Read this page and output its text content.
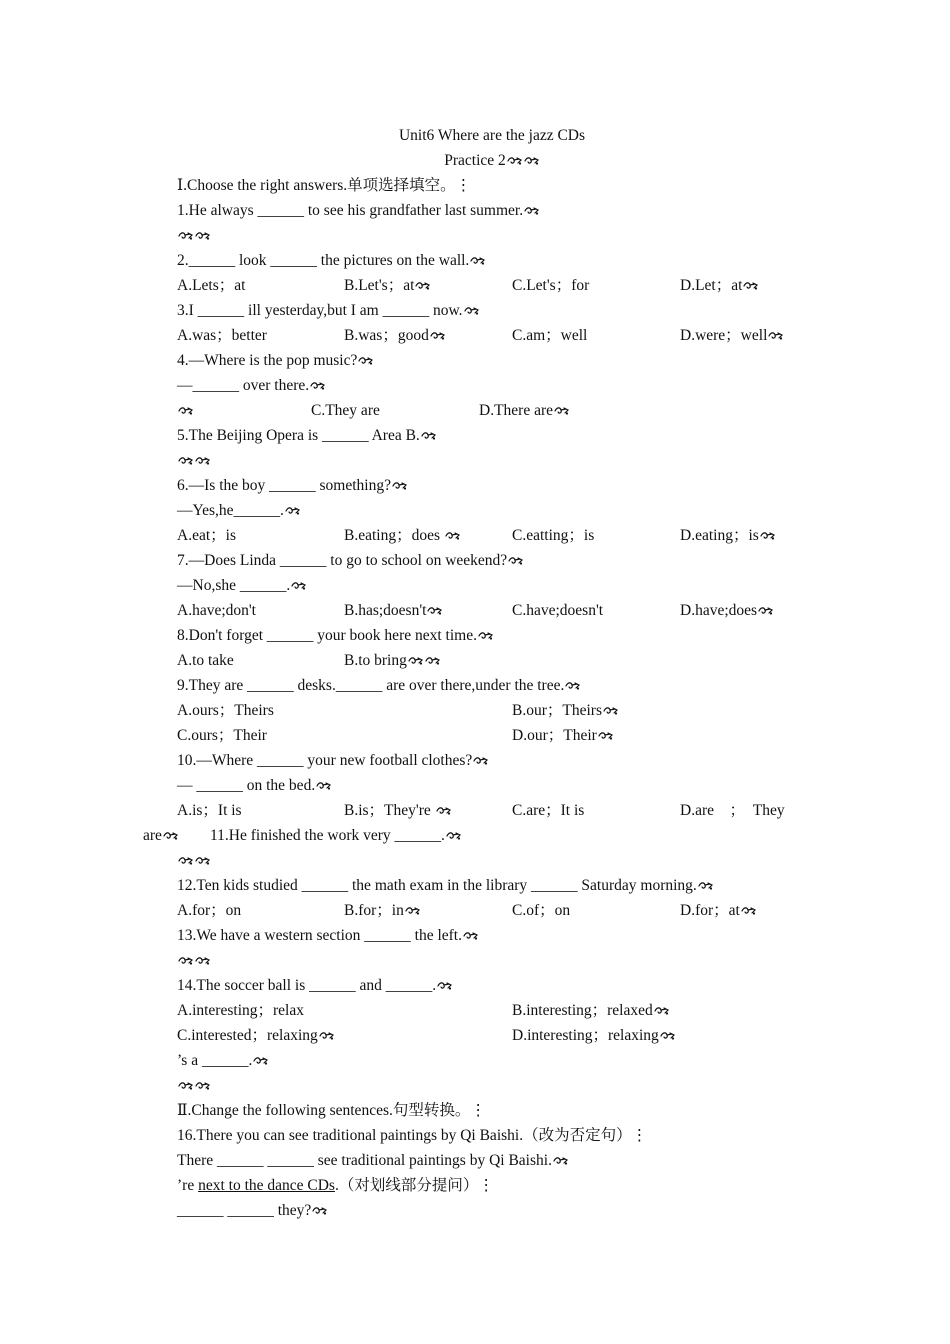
Unit6 Where are the jazz CDs
Practice 2
Ⅰ.Choose the right answers.单项选择填空。⋮
1.He always ______ to see his grandfather last summer.
2.______ look ______ the pictures on the wall.
A.Lets；at	B.Let's；at	C.Let's；for	D.Let；at
3.I ______ ill yesterday,but I am ______ now.
A.was；better	B.was；good	C.am；well	D.were；well
4.—Where is the pop music?
—______ over there.
C.They are	D.There are
5.The Beijing Opera is ______ Area B.
6.—Is the boy ______ something?
—Yes,he______.
A.eat；is	B.eating；does	C.eatting；is	D.eating；is
7.—Does Linda ______ to go to school on weekend?
—No,she ______.
A.have;don't	B.has;doesn't	C.have;doesn't	D.have;does
8.Don't forget ______ your book here next time.
A.to take	B.to bring
9.They are ______ desks.______ are over there,under the tree.
A.ours；Theirs	B.our；Theirs
C.ours；Their	D.our；Their
10.—Where ______ your new football clothes?
— ______ on the bed.
A.is；It is	B.is；They're	C.are；It is	D.are　；　They
are	11.He finished the work very ______.
12.Ten kids studied ______ the math exam in the library ______ Saturday morning.
A.for；on	B.for；in	C.of；on	D.for；at
13.We have a western section ______ the left.
14.The soccer ball is ______ and ______.
A.interesting；relax	B.interesting；relaxed
C.interested；relaxing	D.interesting；relaxing
’s a ______.
Ⅱ.Change the following sentences.句型转换。⋮
16.There you can see traditional paintings by Qi Baishi.（改为否定句）⋮
There ______ ______ see traditional paintings by Qi Baishi.
’re next to the dance CDs.（对划线部分提问）⋮
______ ______ they?
